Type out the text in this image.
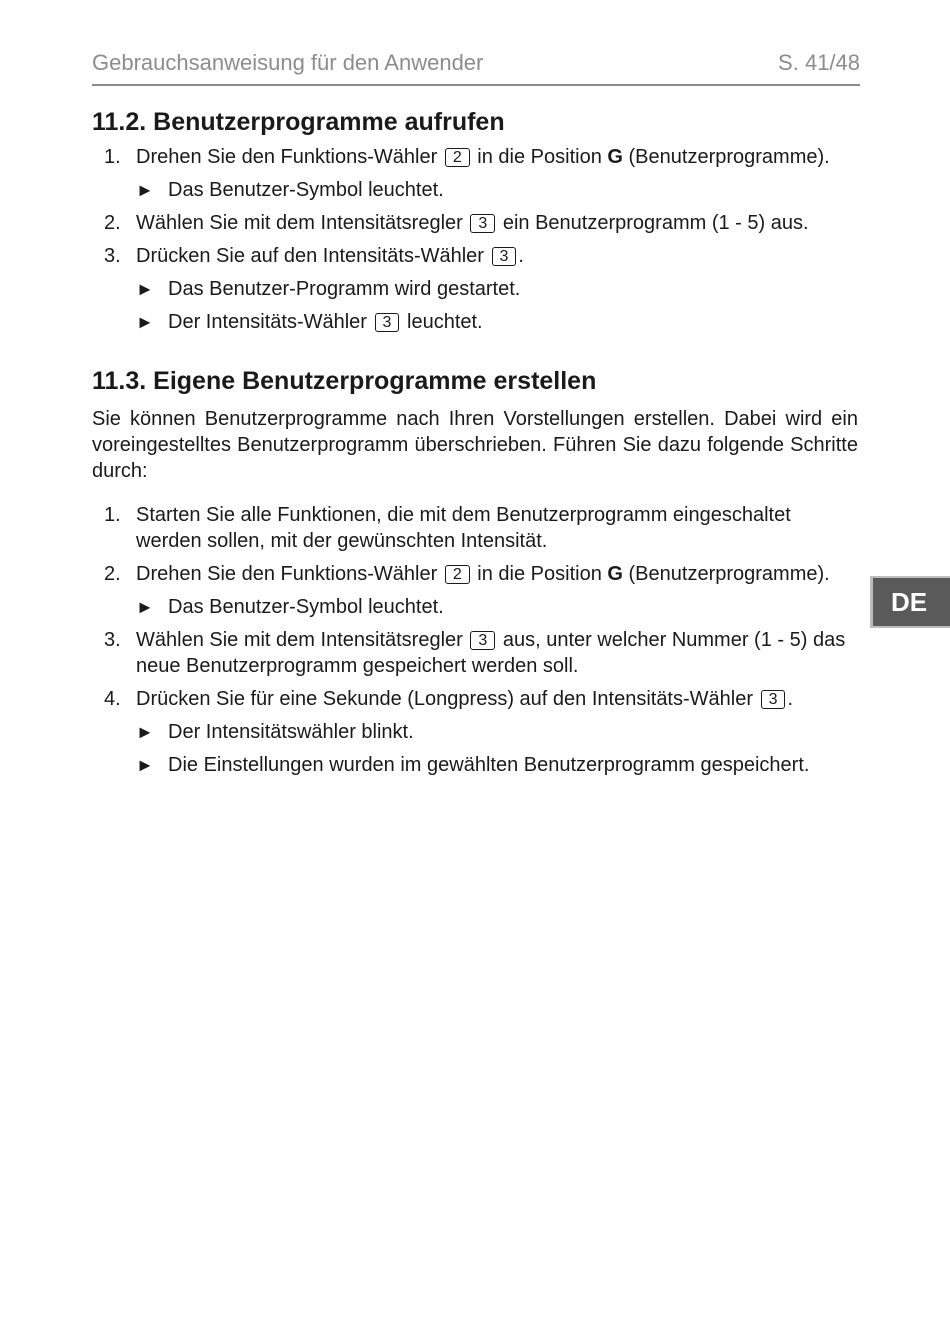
Gebrauchsanweisung für den Anwender	S. 41/48
11.2. Benutzerprogramme aufrufen
1. Drehen Sie den Funktions-Wähler 2 in die Position G (Benutzerprogramme).
► Das Benutzer-Symbol leuchtet.
2. Wählen Sie mit dem Intensitätsregler 3 ein Benutzerprogramm (1 - 5) aus.
3. Drücken Sie auf den Intensitäts-Wähler 3 .
► Das Benutzer-Programm wird gestartet.
► Der Intensitäts-Wähler 3 leuchtet.
11.3. Eigene Benutzerprogramme erstellen

Sie können Benutzerprogramme nach Ihren Vorstellungen erstellen. Dabei wird ein voreingestelltes Benutzerprogramm überschrieben. Führen Sie dazu folgende Schritte durch:

1. Starten Sie alle Funktionen, die mit dem Benutzerprogramm eingeschaltet werden sollen, mit der gewünschten Intensität.
2. Drehen Sie den Funktions-Wähler 2 in die Position G (Benutzerprogramme).
► Das Benutzer-Symbol leuchtet.
3. Wählen Sie mit dem Intensitätsregler 3 aus, unter welcher Nummer (1 - 5) das neue Benutzerprogramm gespeichert werden soll.
4. Drücken Sie für eine Sekunde (Longpress) auf den Intensitäts-Wähler 3 .
► Der Intensitätswähler blinkt.
► Die Einstellungen wurden im gewählten Benutzerprogramm gespeichert.
DE
